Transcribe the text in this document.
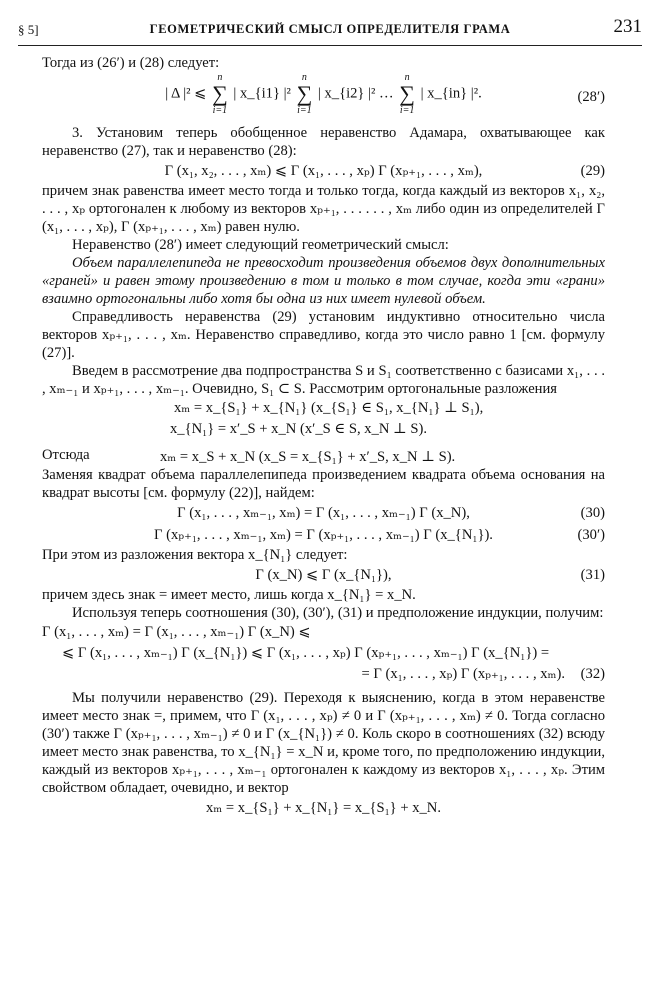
§ 5]	ГЕОМЕТРИЧЕСКИЙ СМЫСЛ ОПРЕДЕЛИТЕЛЯ ГРАМА	231

Тогда из (26′) и (28) следует:

| Δ |² ⩽
n
∑
i=1
| x_{i1} |²
n
∑
i=1
| x_{i2} |² …
n
∑
i=1
| x_{in} |².	(28′)

3. Установим теперь обобщенное неравенство Адамара, охватывающее как неравенство (27), так и неравенство (28):

Γ (x₁, x₂, . . . , xₘ) ⩽ Γ (x₁, . . . , xₚ) Γ (xₚ₊₁, . . . , xₘ),	(29)

причем знак равенства имеет место тогда и только тогда, когда каждый из векторов x₁, x₂, . . . , xₚ ортогонален к любому из векторов xₚ₊₁, . . . . . . , xₘ либо один из определителей Γ (x₁, . . . , xₚ), Γ (xₚ₊₁, . . . , xₘ) равен нулю.

Неравенство (28′) имеет следующий геометрический смысл:

Объем параллелепипеда не превосходит произведения объемов двух дополнительных «граней» и равен этому произведению в том и только в том случае, когда эти «грани» взаимно ортогональны либо хотя бы одна из них имеет нулевой объем.

Справедливость неравенства (29) установим индуктивно относительно числа векторов xₚ₊₁, . . . , xₘ. Неравенство справедливо, когда это число равно 1 [см. формулу (27)].

Введем в рассмотрение два подпространства S и S₁ соответственно с базисами x₁, . . . , xₘ₋₁ и xₚ₊₁, . . . , xₘ₋₁. Очевидно, S₁ ⊂ S. Рассмотрим ортогональные разложения

xₘ = x_{S₁} + x_{N₁} (x_{S₁} ∈ S₁, x_{N₁} ⊥ S₁),
x_{N₁} = x′_S + x_N (x′_S ∈ S, x_N ⊥ S).
Отсюда	xₘ = x_S + x_N (x_S = x_{S₁} + x′_S, x_N ⊥ S).

Заменяя квадрат объема параллелепипеда произведением квадрата объема основания на квадрат высоты [см. формулу (22)], найдем:

Γ (x₁, . . . , xₘ₋₁, xₘ) = Γ (x₁, . . . , xₘ₋₁) Γ (x_N),	(30)
Γ (xₚ₊₁, . . . , xₘ₋₁, xₘ) = Γ (xₚ₊₁, . . . , xₘ₋₁) Γ (x_{N₁}).	(30′)

При этом из разложения вектора x_{N₁} следует:

Γ (x_N) ⩽ Γ (x_{N₁}),	(31)

причем здесь знак = имеет место, лишь когда x_{N₁} = x_N.

Используя теперь соотношения (30), (30′), (31) и предположение индукции, получим:

Γ (x₁, . . . , xₘ) = Γ (x₁, . . . , xₘ₋₁) Γ (x_N) ⩽
⩽ Γ (x₁, . . . , xₘ₋₁) Γ (x_{N₁}) ⩽ Γ (x₁, . . . , xₚ) Γ (xₚ₊₁, . . . , xₘ₋₁) Γ (x_{N₁}) =
= Γ (x₁, . . . , xₚ) Γ (xₚ₊₁, . . . , xₘ). (32)

Мы получили неравенство (29). Переходя к выяснению, когда в этом неравенстве имеет место знак =, примем, что Γ (x₁, . . . , xₚ) ≠ 0 и Γ (xₚ₊₁, . . . , xₘ) ≠ 0. Тогда согласно (30′) также Γ (xₚ₊₁, . . . , xₘ₋₁) ≠ 0 и Γ (x_{N₁}) ≠ 0. Коль скоро в соотношениях (32) всюду имеет место знак равенства, то x_{N₁} = x_N и, кроме того, по предположению индукции, каждый из векторов xₚ₊₁, . . . , xₘ₋₁ ортогонален к каждому из векторов x₁, . . . , xₚ. Этим свойством обладает, очевидно, и вектор

xₘ = x_{S₁} + x_{N₁} = x_{S₁} + x_N.
